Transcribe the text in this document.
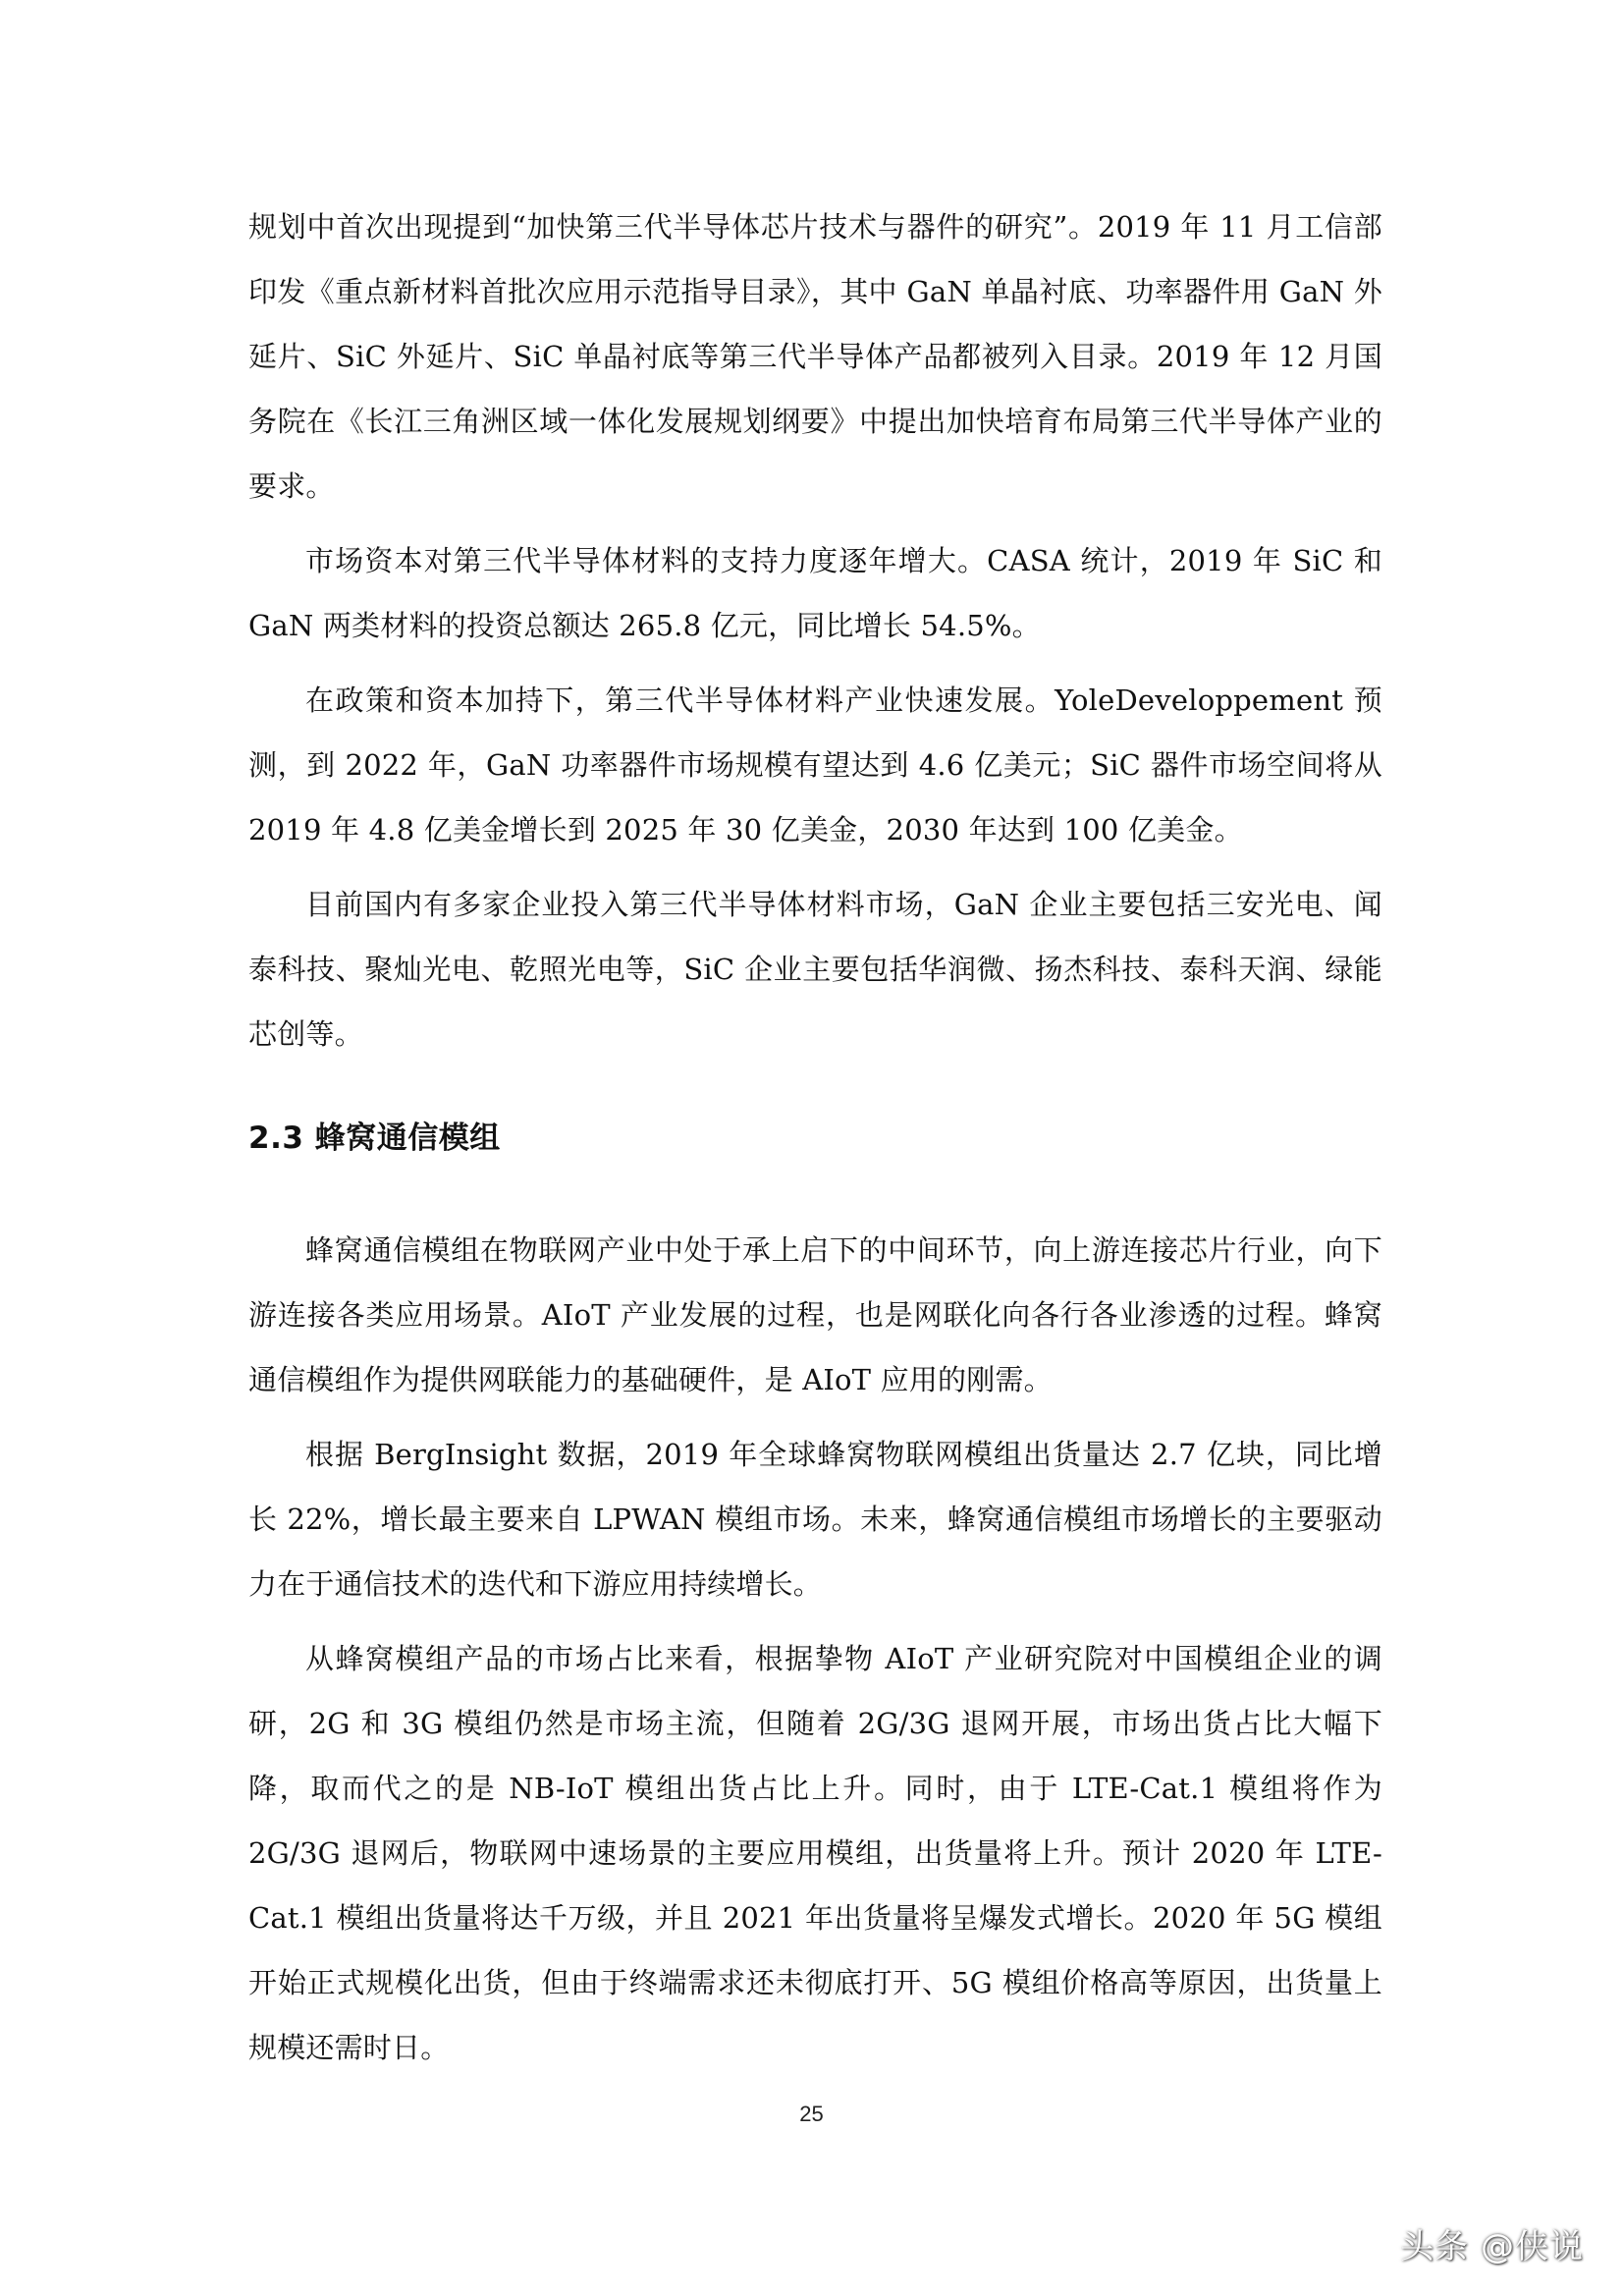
规划中首次出现提到“加快第三代半导体芯片技术与器件的研究”。2019 年 11 月工信部印发《重点新材料首批次应用示范指导目录》，其中 GaN 单晶衬底、功率器件用 GaN 外延片、SiC 外延片、SiC 单晶衬底等第三代半导体产品都被列入目录。2019 年 12 月国务院在《长江三角洲区域一体化发展规划纲要》中提出加快培育布局第三代半导体产业的要求。

市场资本对第三代半导体材料的支持力度逐年增大。CASA 统计，2019 年 SiC 和 GaN 两类材料的投资总额达 265.8 亿元，同比增长 54.5%。

在政策和资本加持下，第三代半导体材料产业快速发展。YoleDeveloppement 预测，到 2022 年，GaN 功率器件市场规模有望达到 4.6 亿美元；SiC 器件市场空间将从 2019 年 4.8 亿美金增长到 2025 年 30 亿美金，2030 年达到 100 亿美金。

目前国内有多家企业投入第三代半导体材料市场，GaN 企业主要包括三安光电、闻泰科技、聚灿光电、乾照光电等，SiC 企业主要包括华润微、扬杰科技、泰科天润、绿能芯创等。

2.3 蜂窝通信模组

蜂窝通信模组在物联网产业中处于承上启下的中间环节，向上游连接芯片行业，向下游连接各类应用场景。AIoT 产业发展的过程，也是网联化向各行各业渗透的过程。蜂窝通信模组作为提供网联能力的基础硬件，是 AIoT 应用的刚需。

根据 BergInsight 数据，2019 年全球蜂窝物联网模组出货量达 2.7 亿块，同比增长 22%，增长最主要来自 LPWAN 模组市场。未来，蜂窝通信模组市场增长的主要驱动力在于通信技术的迭代和下游应用持续增长。

从蜂窝模组产品的市场占比来看，根据挚物 AIoT 产业研究院对中国模组企业的调研，2G 和 3G 模组仍然是市场主流，但随着 2G/3G 退网开展，市场出货占比大幅下降，取而代之的是 NB-IoT 模组出货占比上升。同时，由于 LTE-Cat.1 模组将作为 2G/3G 退网后，物联网中速场景的主要应用模组，出货量将上升。预计 2020 年 LTE-Cat.1 模组出货量将达千万级，并且 2021 年出货量将呈爆发式增长。2020 年 5G 模组开始正式规模化出货，但由于终端需求还未彻底打开、5G 模组价格高等原因，出货量上规模还需时日。

25
头条 @侠说
